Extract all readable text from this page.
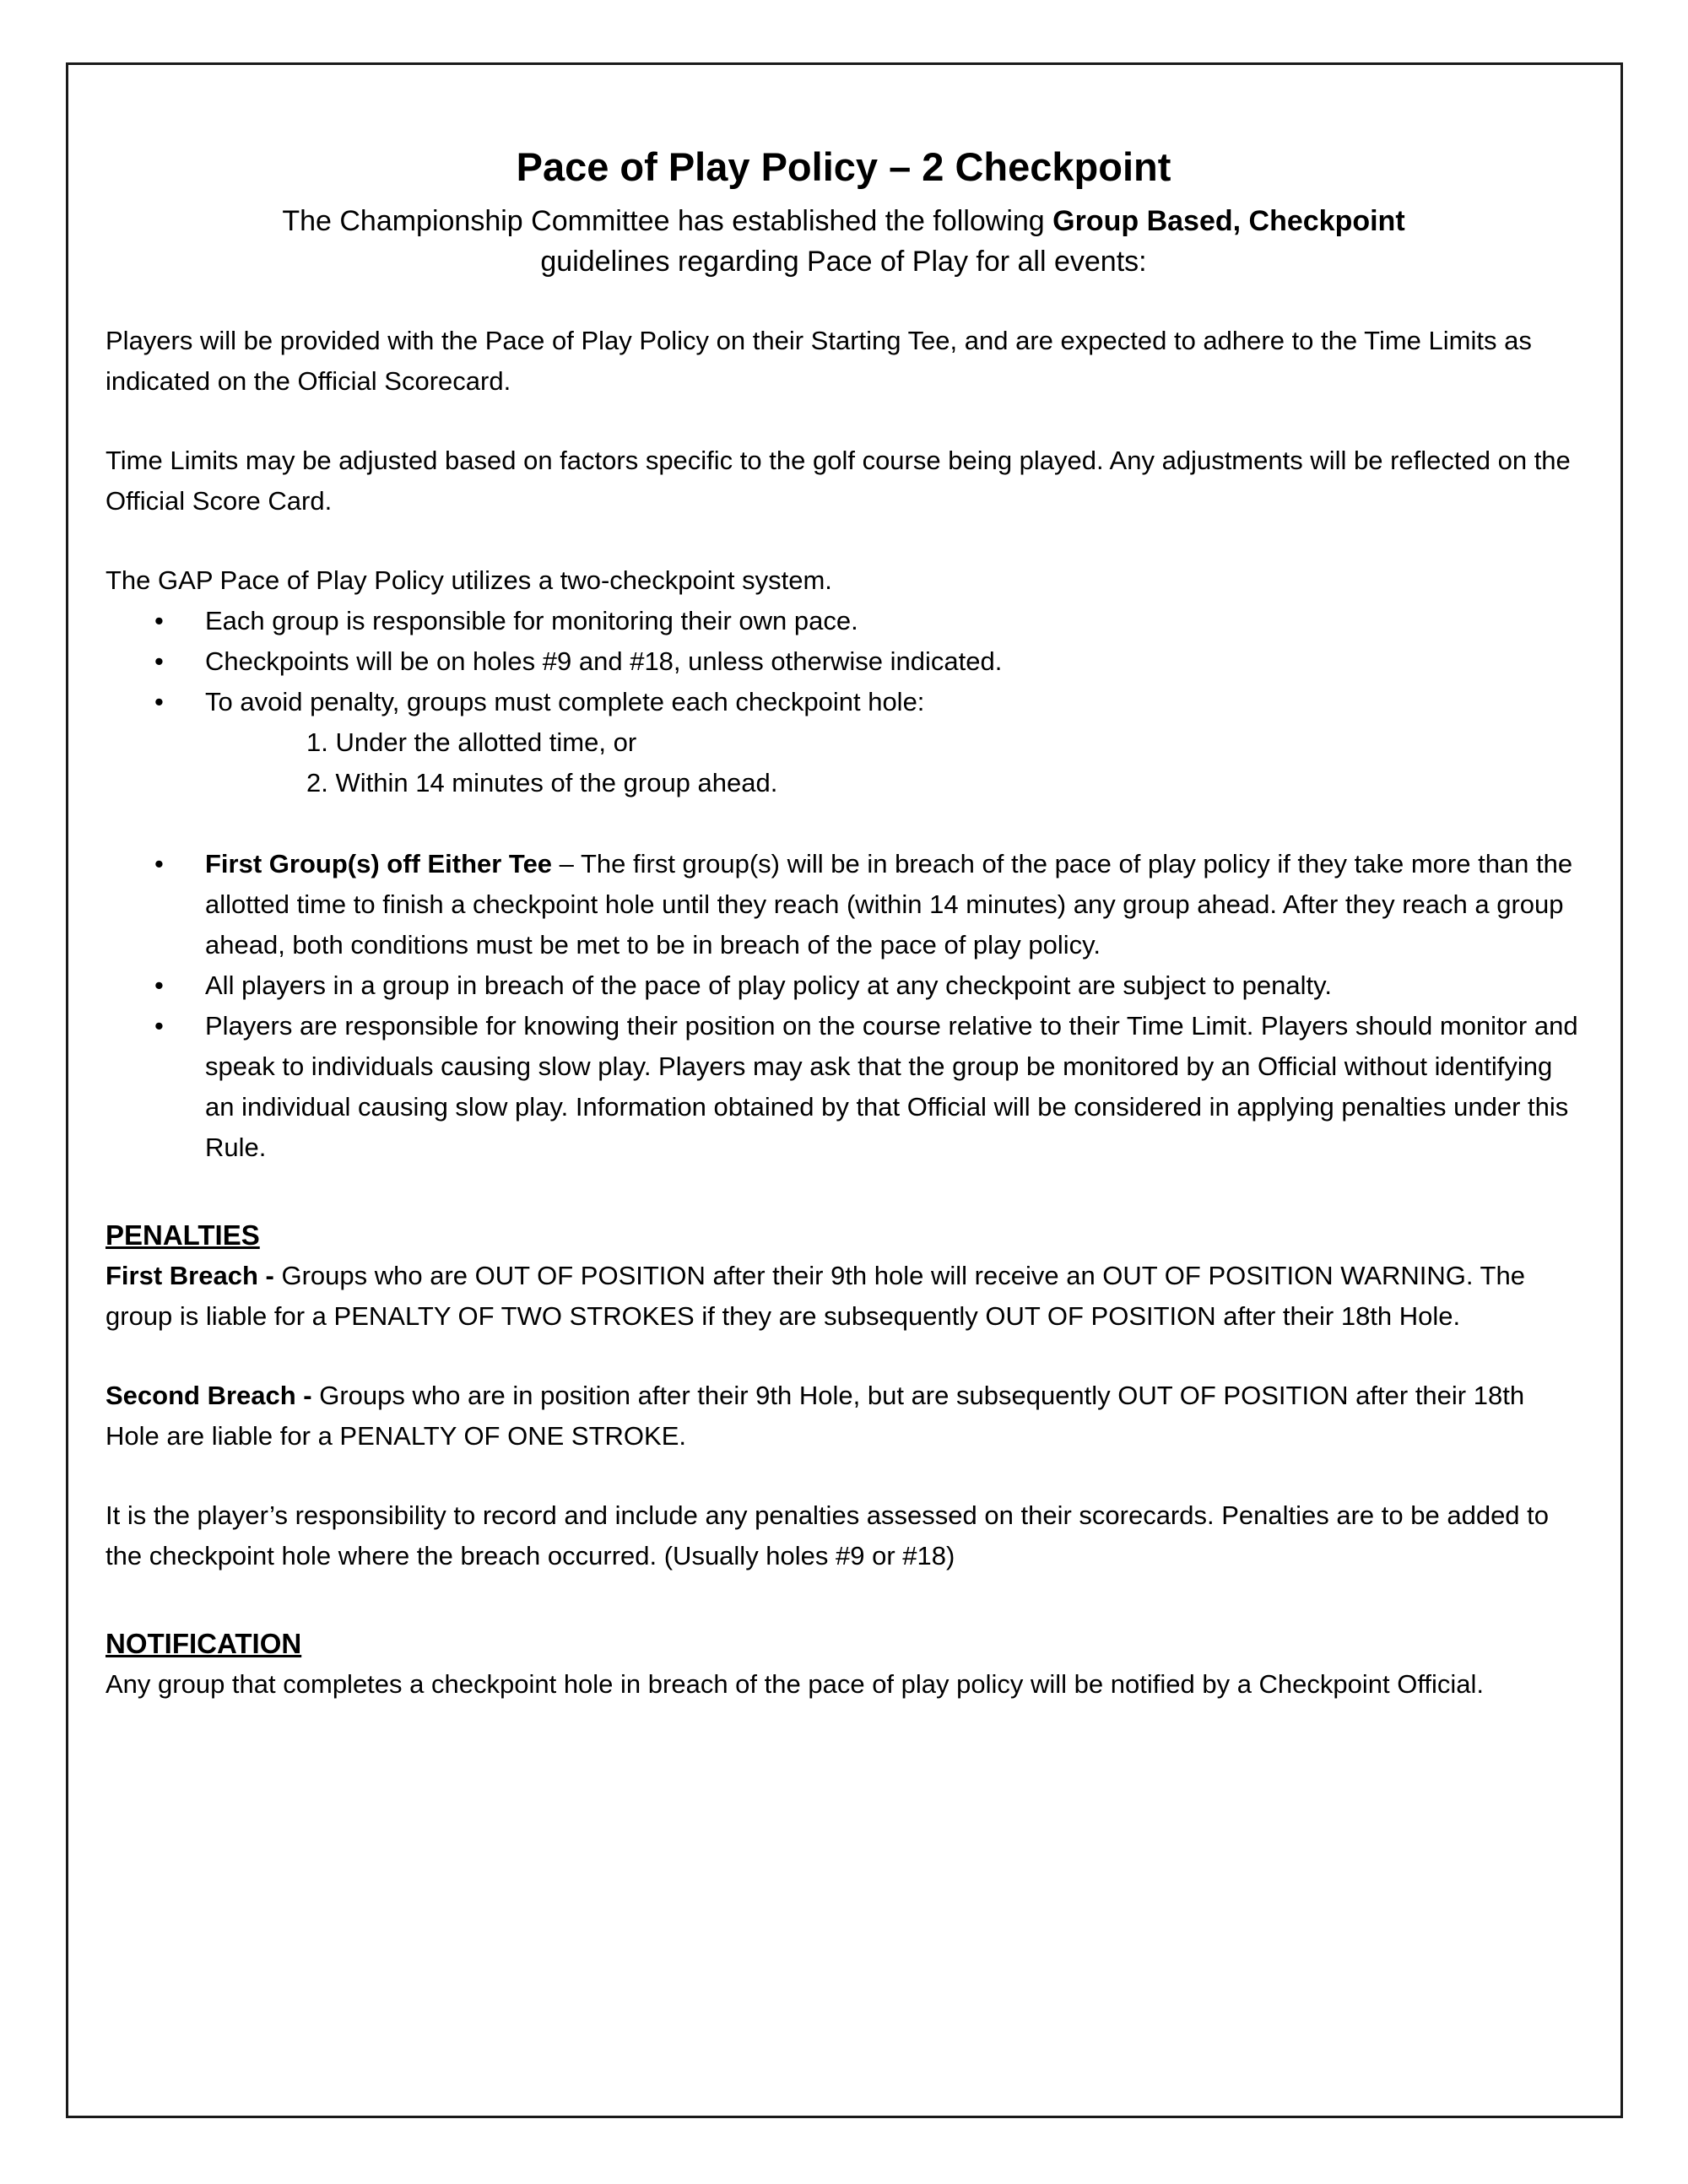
Pace of Play Policy – 2 Checkpoint
The Championship Committee has established the following Group Based, Checkpoint
guidelines regarding Pace of Play for all events:

Players will be provided with the Pace of Play Policy on their Starting Tee, and are expected to adhere to the Time Limits as indicated on the Official Scorecard.

Time Limits may be adjusted based on factors specific to the golf course being played. Any adjustments will be reflected on the Official Score Card.

The GAP Pace of Play Policy utilizes a two-checkpoint system.

• Each group is responsible for monitoring their own pace.
• Checkpoints will be on holes #9 and #18, unless otherwise indicated.
• To avoid penalty, groups must complete each checkpoint hole:
1. Under the allotted time, or
2. Within 14 minutes of the group ahead.
• First Group(s) off Either Tee – The first group(s) will be in breach of the pace of play policy if they take more than the allotted time to finish a checkpoint hole until they reach (within 14 minutes) any group ahead. After they reach a group ahead, both conditions must be met to be in breach of the pace of play policy.
• All players in a group in breach of the pace of play policy at any checkpoint are subject to penalty.
• Players are responsible for knowing their position on the course relative to their Time Limit. Players should monitor and speak to individuals causing slow play. Players may ask that the group be monitored by an Official without identifying an individual causing slow play. Information obtained by that Official will be considered in applying penalties under this Rule.
PENALTIES

First Breach - Groups who are OUT OF POSITION after their 9th hole will receive an OUT OF POSITION WARNING. The group is liable for a PENALTY OF TWO STROKES if they are subsequently OUT OF POSITION after their 18th Hole.

Second Breach - Groups who are in position after their 9th Hole, but are subsequently OUT OF POSITION after their 18th Hole are liable for a PENALTY OF ONE STROKE.

It is the player’s responsibility to record and include any penalties assessed on their scorecards. Penalties are to be added to the checkpoint hole where the breach occurred. (Usually holes #9 or #18)

NOTIFICATION

Any group that completes a checkpoint hole in breach of the pace of play policy will be notified by a Checkpoint Official.
